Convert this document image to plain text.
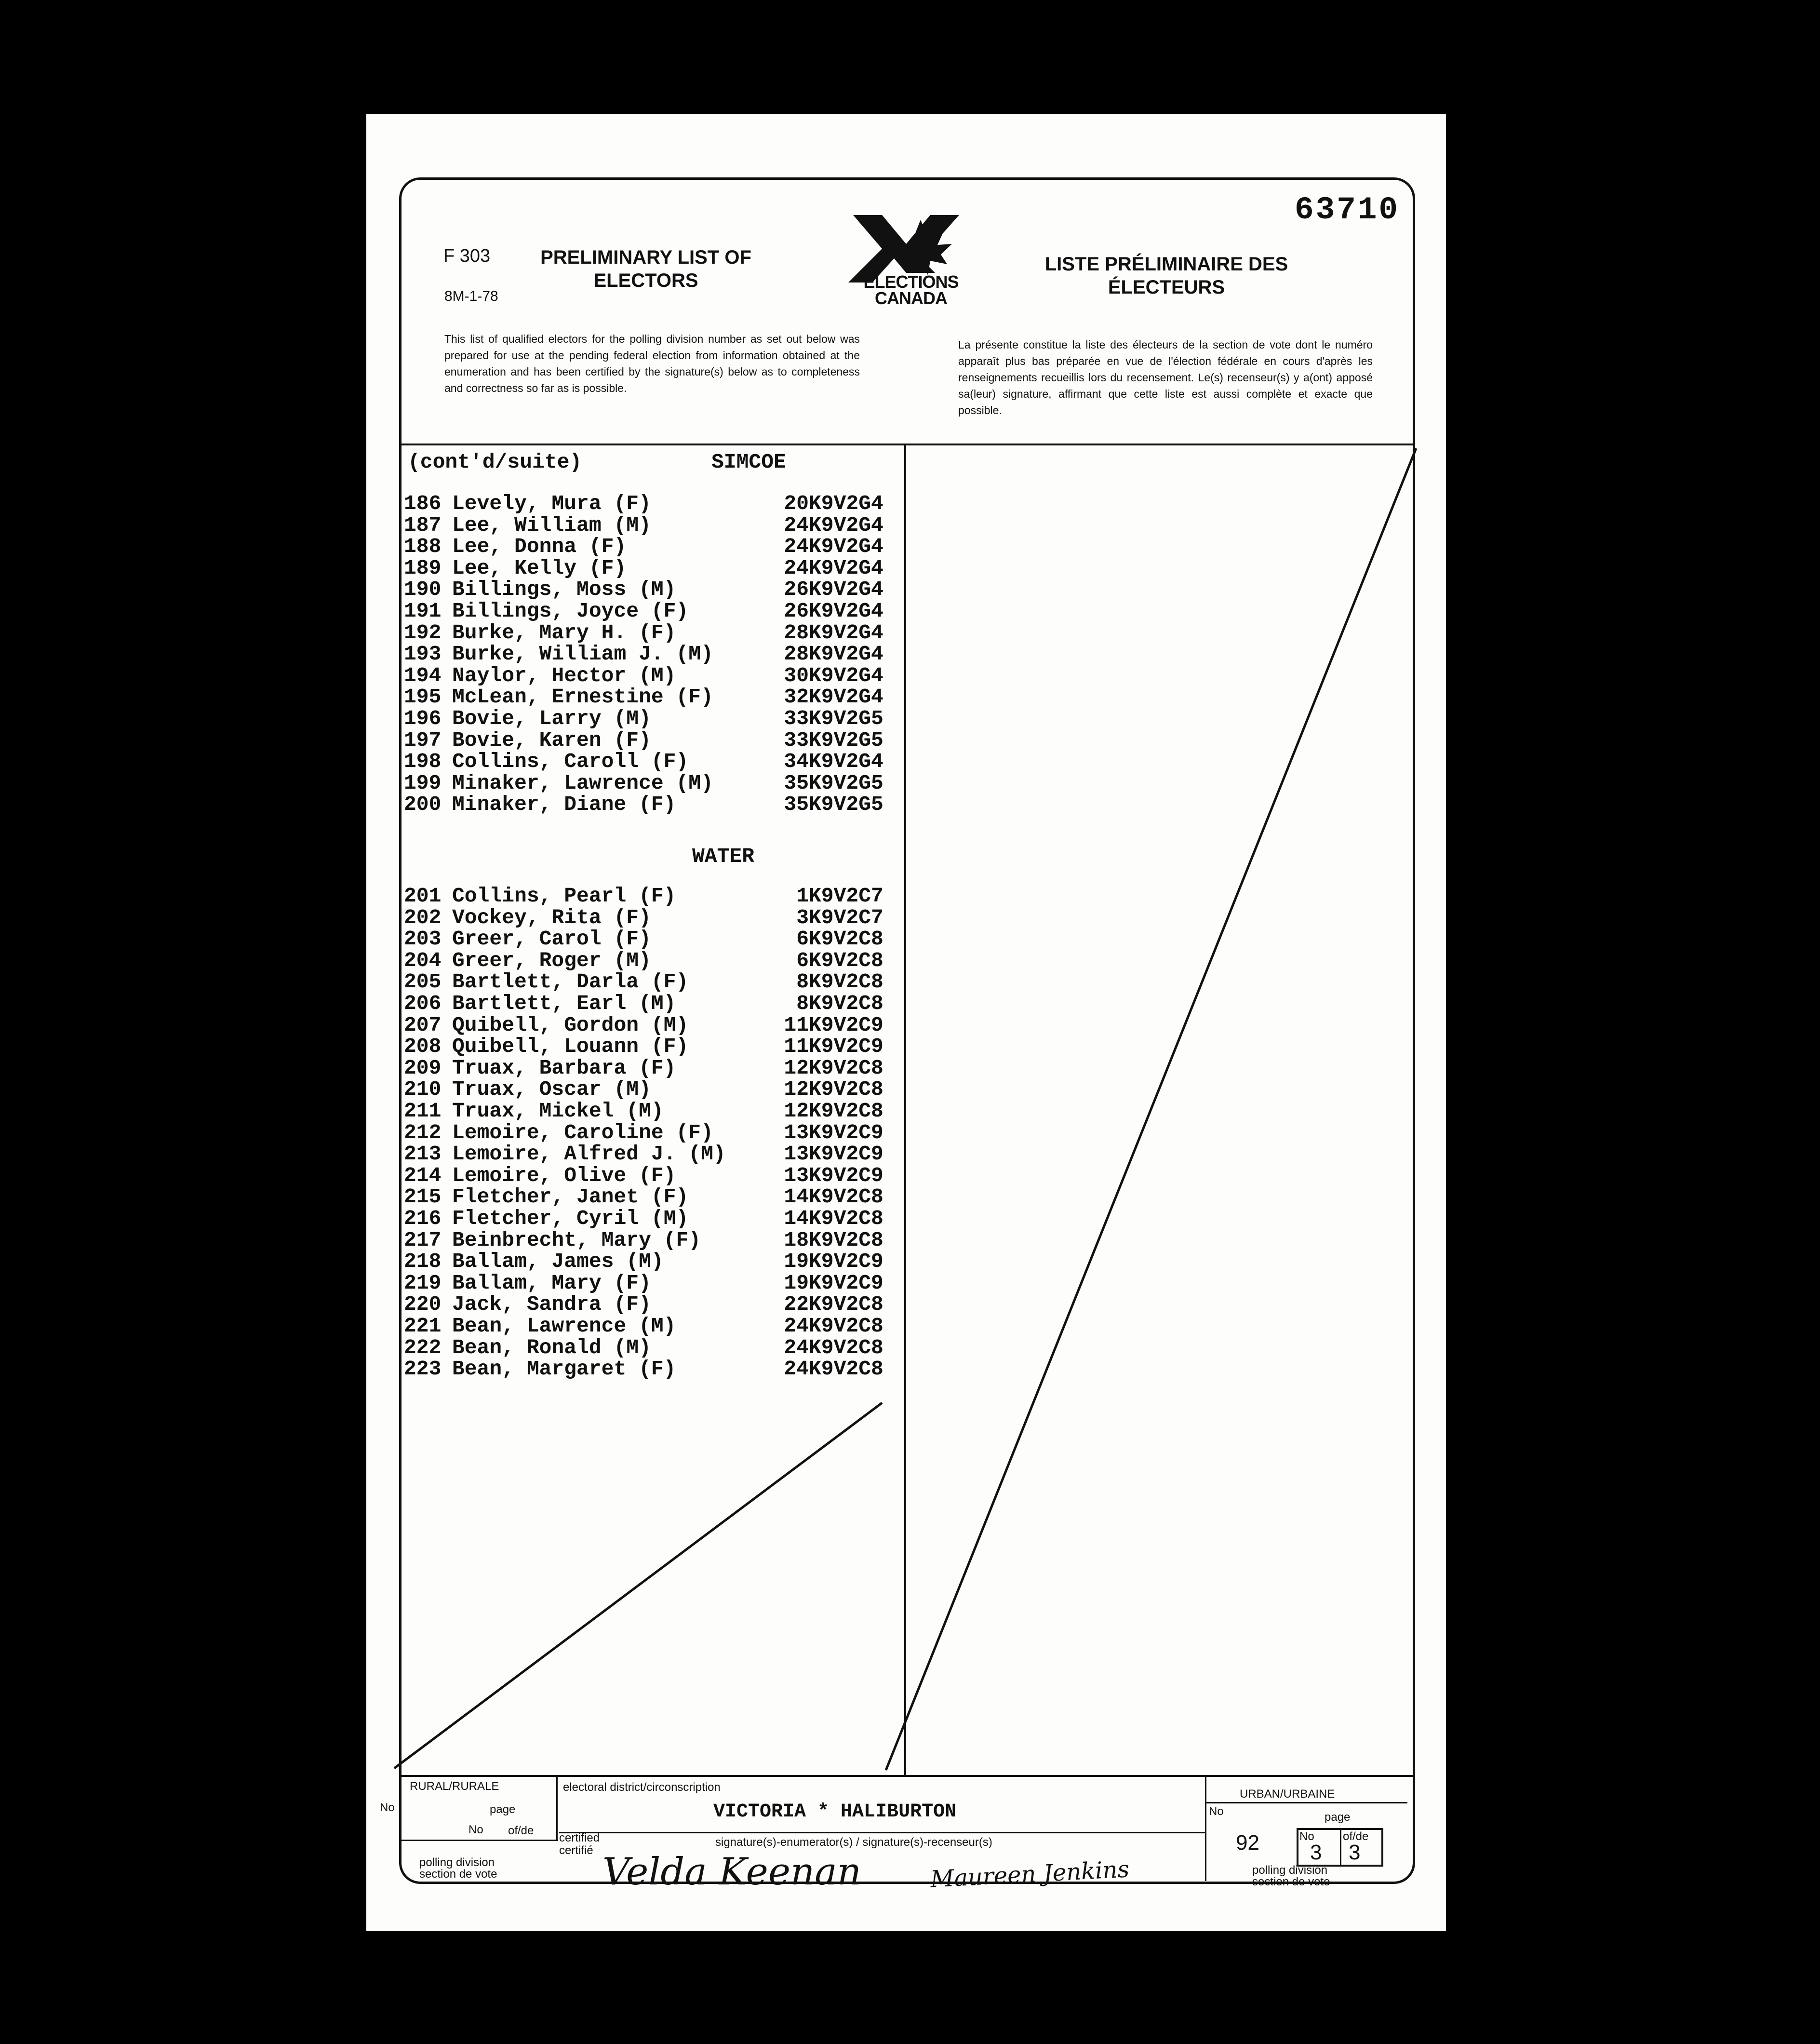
63710
F 303
8M-1-78
PRELIMINARY LIST OF
ELECTORS	ELECTIONS
CANADA
LISTE PRÉLIMINAIRE DES
ÉLECTEURS
This list of qualified electors for the polling division number as set out below was prepared for use at the pending federal election from information obtained at the enumeration and has been certified by the signature(s) below as to completeness and correctness so far as is possible.
La présente constitue la liste des électeurs de la section de vote dont le numéro apparaît plus bas préparée en vue de l'élection fédérale en cours d'après les renseignements recueillis lors du recensement. Le(s) recenseur(s) y a(ont) apposé sa(leur) signature, affirmant que cette liste est aussi complète et exacte que possible.
(cont'd/suite)	SIMCOE
WATER
186 Levely, Mura (F)	20 K9V2G4
187 Lee, William (M)	24 K9V2G4
188 Lee, Donna (F)	24 K9V2G4
189 Lee, Kelly (F)	24 K9V2G4
190 Billings, Moss (M)	26 K9V2G4
191 Billings, Joyce (F)	26 K9V2G4
192 Burke, Mary H. (F)	28 K9V2G4
193 Burke, William J. (M)	28 K9V2G4
194 Naylor, Hector (M)	30 K9V2G4
195 McLean, Ernestine (F)	32 K9V2G4
196 Bovie, Larry (M)	33 K9V2G5
197 Bovie, Karen (F)	33 K9V2G5
198 Collins, Caroll (F)	34 K9V2G4
199 Minaker, Lawrence (M)	35 K9V2G5
200 Minaker, Diane (F)	35 K9V2G5
201 Collins, Pearl (F)	1 K9V2C7
202 Vockey, Rita (F)	3 K9V2C7
203 Greer, Carol (F)	6 K9V2C8
204 Greer, Roger (M)	6 K9V2C8
205 Bartlett, Darla (F)	8 K9V2C8
206 Bartlett, Earl (M)	8 K9V2C8
207 Quibell, Gordon (M)	11 K9V2C9
208 Quibell, Louann (F)	11 K9V2C9
209 Truax, Barbara (F)	12 K9V2C8
210 Truax, Oscar (M)	12 K9V2C8
211 Truax, Mickel (M)	12 K9V2C8
212 Lemoire, Caroline (F)	13 K9V2C9
213 Lemoire, Alfred J. (M)	13 K9V2C9
214 Lemoire, Olive (F)	13 K9V2C9
215 Fletcher, Janet (F)	14 K9V2C8
216 Fletcher, Cyril (M)	14 K9V2C8
217 Beinbrecht, Mary (F)	18 K9V2C8
218 Ballam, James (M)	19 K9V2C9
219 Ballam, Mary (F)	19 K9V2C9
220 Jack, Sandra (F)	22 K9V2C8
221 Bean, Lawrence (M)	24 K9V2C8
222 Bean, Ronald (M)	24 K9V2C8
223 Bean, Margaret (F)	24 K9V2C8
RURAL/RURALE
URBAN/URBAINE
No	page
No of/de
polling division
section de vote
electoral district/circonscription
VICTORIA * HALIBURTON
signature(s)-enumerator(s) / signature(s)-recenseur(s)
certified
certifié Velda Keenan	Maureen Jenkins
No	page
92	No of/de
3 3
polling division
section de vote
